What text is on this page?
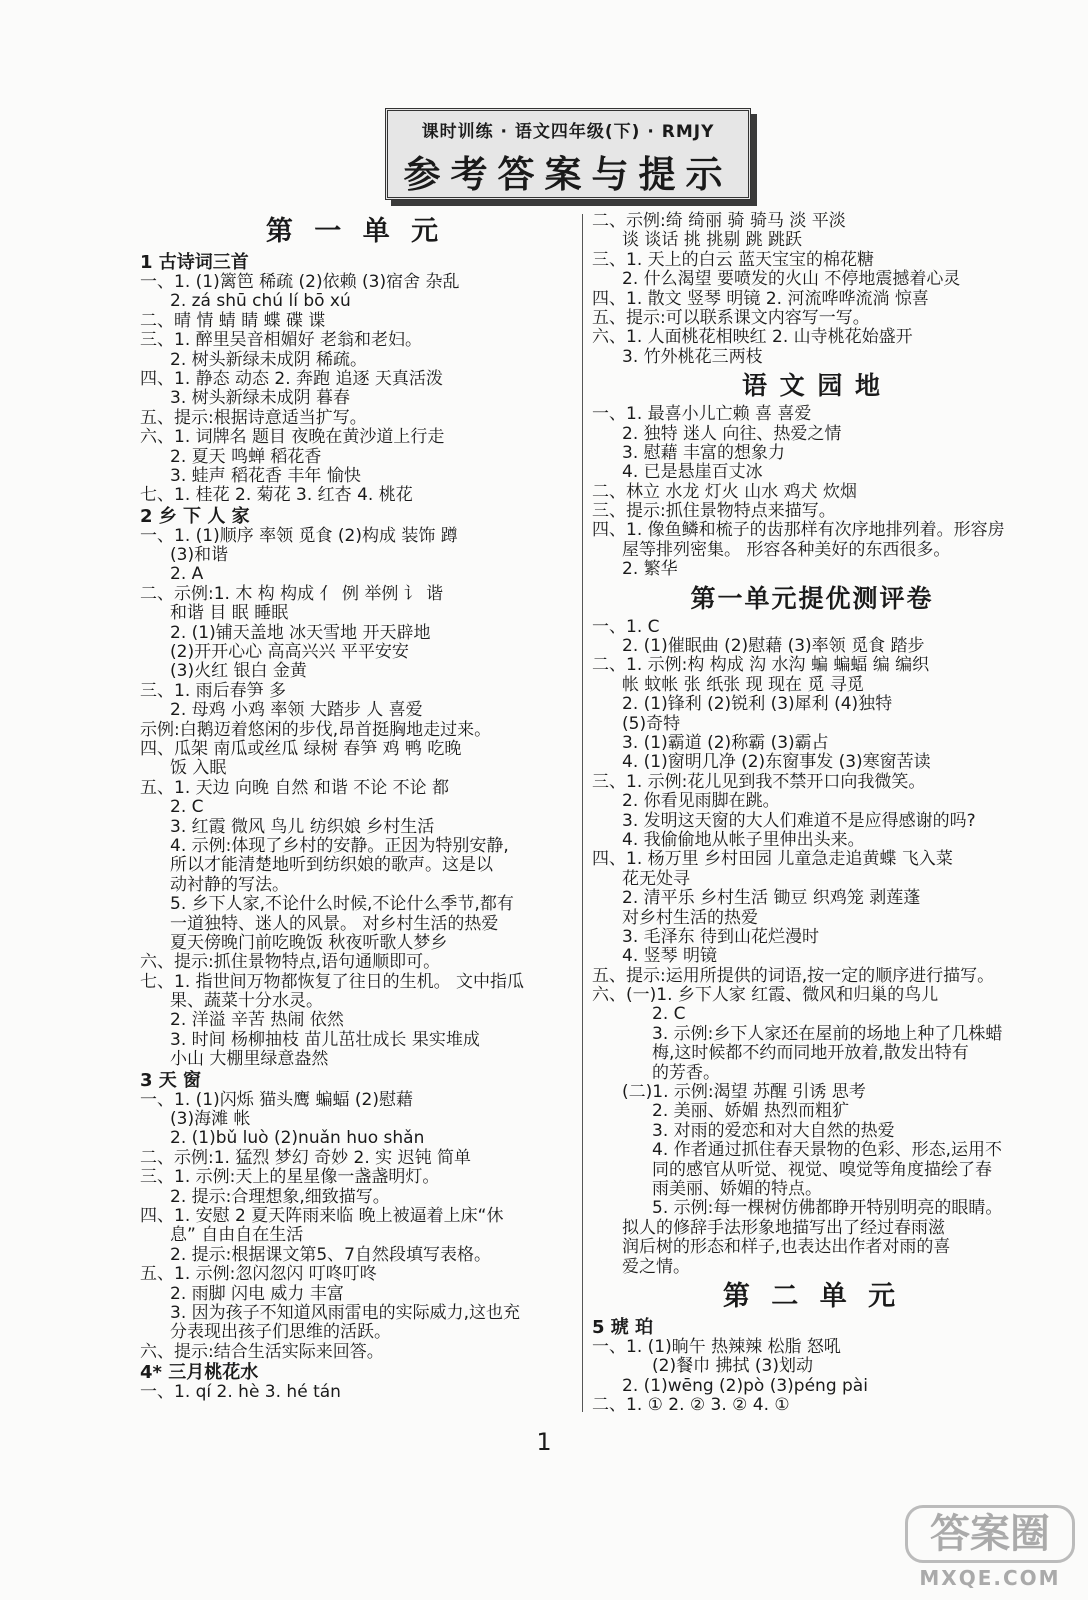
课时训练 · 语文四年级(下) · RMJY
参考答案与提示
第 一 单 元
1 古诗词三首
一、1. (1)篱笆 稀疏 (2)依赖 (3)宿舍 杂乱
2. zá shū chú lí bō xú
二、晴 情 蜻 睛 蝶 碟 谍
三、1. 醉里吴音相媚好 老翁和老妇。
2. 树头新绿未成阴 稀疏。
四、1. 静态 动态 2. 奔跑 追逐 天真活泼
3. 树头新绿未成阴 暮春
五、提示:根据诗意适当扩写。
六、1. 词牌名 题目 夜晚在黄沙道上行走
2. 夏天 鸣蝉 稻花香
3. 蛙声 稻花香 丰年 愉快
七、1. 桂花 2. 菊花 3. 红杏 4. 桃花
2 乡 下 人 家
一、1. (1)顺序 率领 觅食 (2)构成 装饰 蹲
(3)和谐
2. A
二、示例:1. 木 构 构成 亻 例 举例 讠 谐
和谐 目 眠 睡眠
2. (1)铺天盖地 冰天雪地 开天辟地
(2)开开心心 高高兴兴 平平安安
(3)火红 银白 金黄
三、1. 雨后春笋 多
2. 母鸡 小鸡 率领 大踏步 人 喜爱
示例:白鹅迈着悠闲的步伐,昂首挺胸地走过来。
四、瓜架 南瓜或丝瓜 绿树 春笋 鸡 鸭 吃晚
饭 入眠
五、1. 天边 向晚 自然 和谐 不论 不论 都
2. C
3. 红霞 微风 鸟儿 纺织娘 乡村生活
4. 示例:体现了乡村的安静。正因为特别安静,
所以才能清楚地听到纺织娘的歌声。这是以
动衬静的写法。
5. 乡下人家,不论什么时候,不论什么季节,都有
一道独特、迷人的风景。 对乡村生活的热爱
夏天傍晚门前吃晚饭 秋夜听歌人梦乡
六、提示:抓住景物特点,语句通顺即可。
七、1. 指世间万物都恢复了往日的生机。 文中指瓜
果、蔬菜十分水灵。
2. 洋溢 辛苦 热闹 依然
3. 时间 杨柳抽枝 苗儿茁壮成长 果实堆成
小山 大棚里绿意盎然
3 天 窗
一、1. (1)闪烁 猫头鹰 蝙蝠 (2)慰藉
(3)海滩 帐
2. (1)bǔ luò (2)nuǎn huo shǎn
二、示例:1. 猛烈 梦幻 奇妙 2. 实 迟钝 简单
三、1. 示例:天上的星星像一盏盏明灯。
2. 提示:合理想象,细致描写。
四、1. 安慰 2 夏天阵雨来临 晚上被逼着上床“休
息” 自由自在生活
2. 提示:根据课文第5、7自然段填写表格。
五、1. 示例:忽闪忽闪 叮咚叮咚
2. 雨脚 闪电 威力 丰富
3. 因为孩子不知道风雨雷电的实际威力,这也充
分表现出孩子们思维的活跃。
六、提示:结合生活实际来回答。
4* 三月桃花水
一、1. qí 2. hè 3. hé tán
二、示例:绮 绮丽 骑 骑马 淡 平淡
谈 谈话 挑 挑剔 跳 跳跃
三、1. 天上的白云 蓝天宝宝的棉花糖
2. 什么渴望 要喷发的火山 不停地震撼着心灵
四、1. 散文 竖琴 明镜 2. 河流哗哗流淌 惊喜
五、提示:可以联系课文内容写一写。
六、1. 人面桃花相映红 2. 山寺桃花始盛开
3. 竹外桃花三两枝
语 文 园 地
一、1. 最喜小儿亡赖 喜 喜爱
2. 独特 迷人 向往、热爱之情
3. 慰藉 丰富的想象力
4. 已是悬崖百丈冰
二、林立 水龙 灯火 山水 鸡犬 炊烟
三、提示:抓住景物特点来描写。
四、1. 像鱼鳞和梳子的齿那样有次序地排列着。形容房
屋等排列密集。 形容各种美好的东西很多。
2. 繁华
第一单元提优测评卷
一、1. C
2. (1)催眠曲 (2)慰藉 (3)率领 觅食 踏步
二、1. 示例:构 构成 沟 水沟 蝙 蝙蝠 编 编织
帐 蚊帐 张 纸张 现 现在 觅 寻觅
2. (1)锋利 (2)锐利 (3)犀利 (4)独特
(5)奇特
3. (1)霸道 (2)称霸 (3)霸占
4. (1)窗明几净 (2)东窗事发 (3)寒窗苦读
三、1. 示例:花儿见到我不禁开口向我微笑。
2. 你看见雨脚在跳。
3. 发明这天窗的大人们难道不是应得感谢的吗?
4. 我偷偷地从帐子里伸出头来。
四、1. 杨万里 乡村田园 儿童急走追黄蝶 飞入菜
花无处寻
2. 清平乐 乡村生活 锄豆 织鸡笼 剥莲蓬
对乡村生活的热爱
3. 毛泽东 待到山花烂漫时
4. 竖琴 明镜
五、提示:运用所提供的词语,按一定的顺序进行描写。
六、(一)1. 乡下人家 红霞、微风和归巢的鸟儿
2. C
3. 示例:乡下人家还在屋前的场地上种了几株蜡
梅,这时候都不约而同地开放着,散发出特有
的芳香。
(二)1. 示例:渴望 苏醒 引诱 思考
2. 美丽、娇媚 热烈而粗犷
3. 对雨的爱恋和对大自然的热爱
4. 作者通过抓住春天景物的色彩、形态,运用不
同的感官从听觉、视觉、嗅觉等角度描绘了春
雨美丽、娇媚的特点。
5. 示例:每一棵树仿佛都睁开特别明亮的眼睛。
拟人的修辞手法形象地描写出了经过春雨滋
润后树的形态和样子,也表达出作者对雨的喜
爱之情。
第 二 单 元
5 琥 珀
一、1. (1)晌午 热辣辣 松脂 怒吼
(2)餐巾 拂拭 (3)划动
2. (1)wēng (2)pò (3)péng pài
二、1. ① 2. ② 3. ② 4. ①
1
答案圈
MXQE.COM
